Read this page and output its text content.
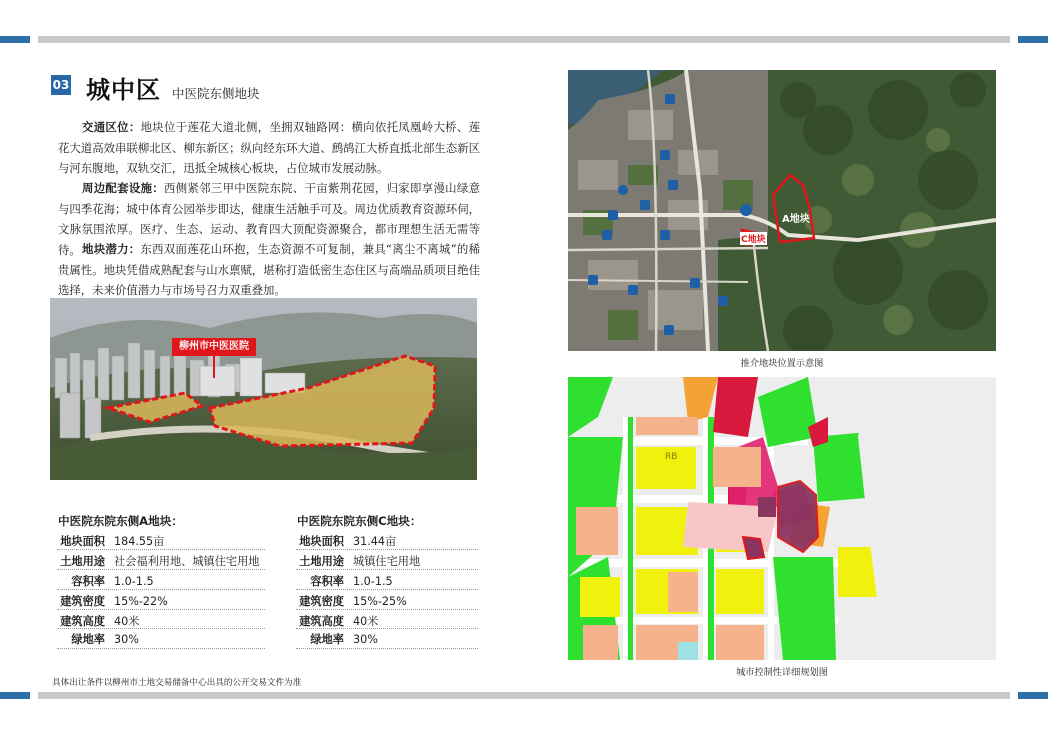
03 城中区 中医院东侧地块
交通区位：地块位于莲花大道北侧，坐拥双轴路网：横向依托凤凰岭大桥、莲花大道高效串联柳北区、柳东新区；纵向经东环大道、鹧鸪江大桥直抵北部生态新区与河东腹地，双轨交汇，迅抵全城核心板块，占位城市发展动脉。
周边配套设施：西侧紧邻三甲中医院东院、干亩紫荆花园，归家即享漫山绿意与四季花海；城中体育公园举步即达，健康生活触手可及。周边优质教育资源环伺，文脉氛围浓厚。医疗、生态、运动、教育四大顶配资源聚合，都市理想生活无需等待。 地块潜力：东西双面莲花山环抱，生态资源不可复制，兼具“离尘不离城”的稀贵属性。地块凭借成熟配套与山水禀赋，堪称打造低密生态住区与高端品质项目绝佳选择，未来价值潜力与市场号召力双重叠加。
柳州市中医医院
中医院东院东侧A地块：
地块面积 184.55亩
土地用途 社会福利用地、城镇住宅用地
容积率 1.0-1.5
建筑密度 15%-22%
建筑高度 40米
绿地率 30%
中医院东院东侧C地块：
地块面积 31.44亩
土地用途 城镇住宅用地
容积率 1.0-1.5
建筑密度 15%-25%
建筑高度 40米
绿地率 30%
具体出让条件以柳州市土地交易储备中心出具的公开交易文件为准
A地块
C地块
推介地块位置示意图
RB
城市控制性详细规划图
